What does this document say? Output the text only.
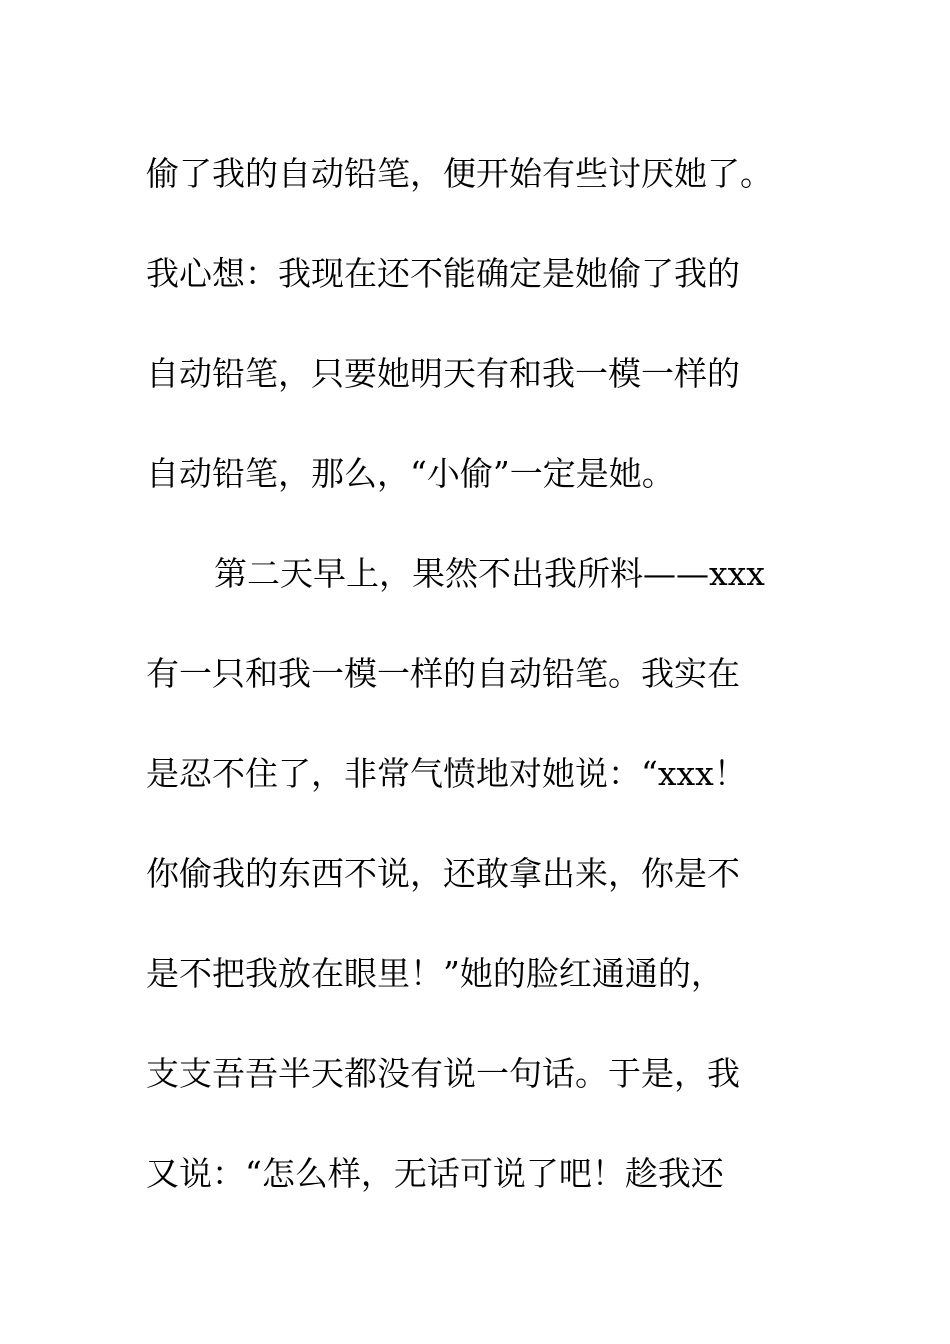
偷了我的自动铅笔，便开始有些讨厌她了。
我心想：我现在还不能确定是她偷了我的
自动铅笔，只要她明天有和我一模一样的
自动铅笔，那么，“小偷”一定是她。
第二天早上，果然不出我所料——xxx
有一只和我一模一样的自动铅笔。我实在
是忍不住了，非常气愤地对她说：“xxx！
你偷我的东西不说，还敢拿出来，你是不
是不把我放在眼里！”她的脸红通通的，
支支吾吾半天都没有说一句话。于是，我
又说：“怎么样，无话可说了吧！趁我还
